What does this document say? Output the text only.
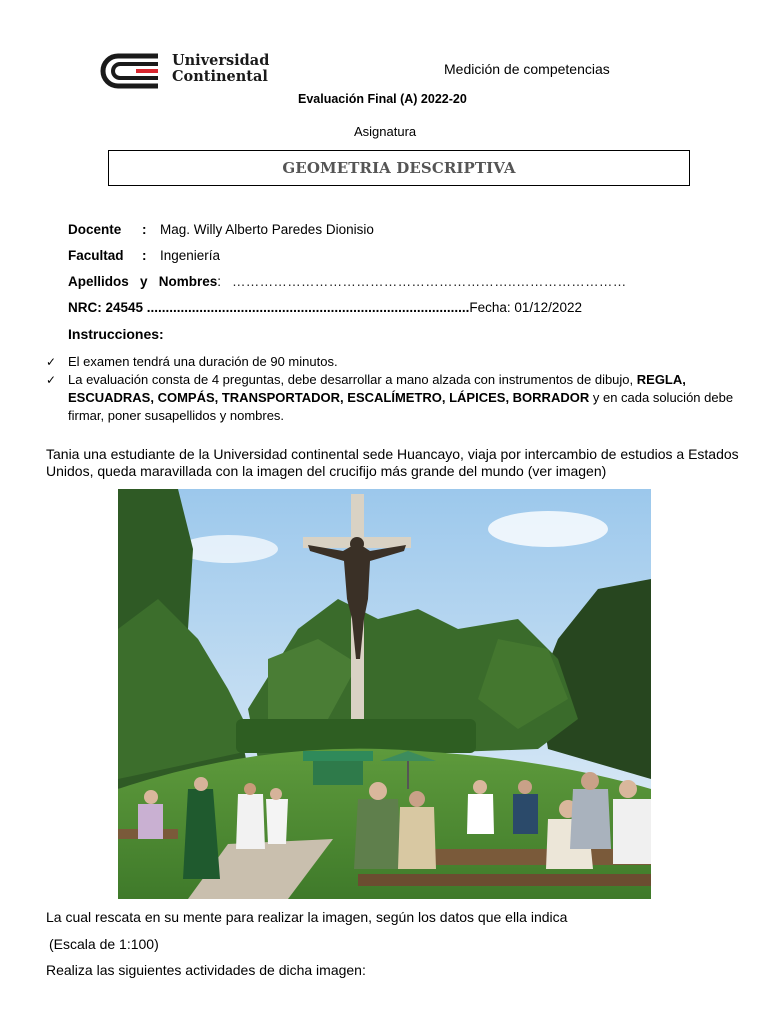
Universidad
Continental	Medición de competencias
Evaluación Final (A) 2022-20
Asignatura
GEOMETRIA DESCRIPTIVA
Docente : Mag. Willy Alberto Paredes Dionisio
Facultad : Ingeniería
Apellidos   y   Nombres: ……………………………………………………..……………………
NRC: 24545 ......................................................................................Fecha: 01/12/2022
Instrucciones:
✓ El examen tendrá una duración de 90 minutos.
✓ La evaluación consta de 4 preguntas, debe desarrollar a mano alzada con instrumentos de dibujo, REGLA, ESCUADRAS, COMPÁS, TRANSPORTADOR, ESCALÍMETRO, LÁPICES, BORRADOR y en cada solución debe firmar, poner susapellidos y nombres.
Tania una estudiante de la Universidad continental sede Huancayo, viaja por intercambio de estudios a Estados Unidos, queda maravillada con la imagen del crucifijo más grande del mundo (ver imagen)
La cual rescata en su mente para realizar la imagen, según los datos que ella indica
(Escala de 1:100)
Realiza las siguientes actividades de dicha imagen:
